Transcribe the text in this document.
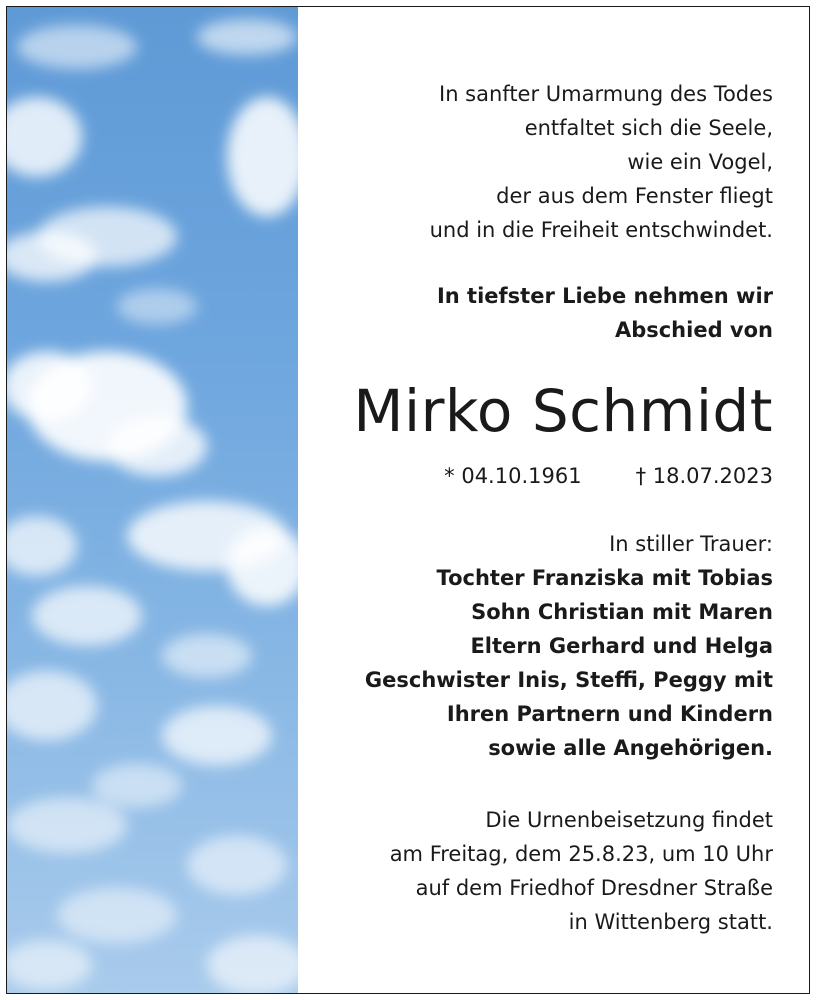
In sanfter Umarmung des Todes
entfaltet sich die Seele,
wie ein Vogel,
der aus dem Fenster fliegt
und in die Freiheit entschwindet.
In tiefster Liebe nehmen wir
Abschied von
Mirko Schmidt
* 04.10.1961	† 18.07.2023
In stiller Trauer:
Tochter Franziska mit Tobias
Sohn Christian mit Maren
Eltern Gerhard und Helga
Geschwister Inis, Steffi, Peggy mit
Ihren Partnern und Kindern
sowie alle Angehörigen.
Die Urnenbeisetzung findet
am Freitag, dem 25.8.23, um 10 Uhr
auf dem Friedhof Dresdner Straße
in Wittenberg statt.
